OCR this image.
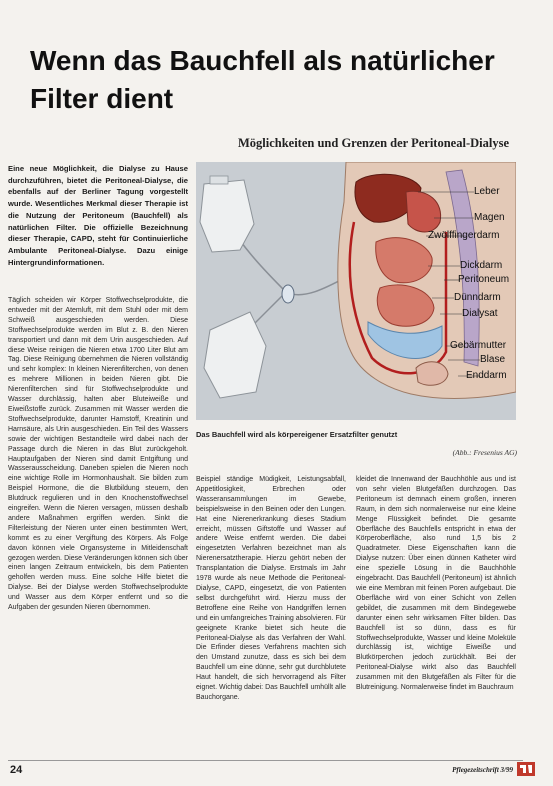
Wenn das Bauchfell als natürlicher
Filter dient
Möglichkeiten und Grenzen der Peritoneal-Dialyse
Eine neue Möglichkeit, die Dialyse zu Hause durchzuführen, bietet die Peritoneal-Dialyse, die ebenfalls auf der Berliner Tagung vorgestellt wurde. Wesentliches Merkmal dieser Therapie ist die Nutzung der Peritoneum (Bauchfell) als natürlichen Filter. Die offizielle Bezeichnung dieser Therapie, CAPD, steht für Continuierliche Ambulante Peritoneal-Dialyse. Dazu einige Hintergrundinformationen.

Täglich scheiden wir Körper Stoffwechselprodukte, die entweder mit der Atemluft, mit dem Stuhl oder mit dem Schweiß ausgeschieden werden. Diese Stoffwechselprodukte werden im Blut z. B. den Nieren transportiert und dann mit dem Urin ausgeschieden. Auf diese Weise reinigen die Nieren etwa 1700 Liter Blut am Tag. Diese Reinigung übernehmen die Nieren vollständig und sehr komplex: In kleinen Nierenfilterchen, von denen es mehrere Millionen in beiden Nieren gibt. Die Nierenfilterchen sind für Stoffwechselprodukte und Wasser durchlässig, halten aber Bluteiweiße und Eiweißstoffe zurück. Zusammen mit Wasser werden die Stoffwechselprodukte, darunter Harnstoff, Kreatinin und Harnsäure, als Urin ausgeschieden. Ein Teil des Wassers sowie der wichtigen Bestandteile wird dabei nach der Passage durch die Nieren in das Blut zurückgeholt. Hauptaufgaben der Nieren sind damit Entgiftung und Wasserausscheidung. Daneben spielen die Nieren noch eine wichtige Rolle im Hormonhaushalt. Sie bilden zum Beispiel Hormone, die die Blutbildung steuern, den Blutdruck regulieren und in den Knochenstoffwechsel eingreifen. Wenn die Nieren versagen, müssen deshalb andere Maßnahmen ergriffen werden. Sinkt die Filterleistung der Nieren unter einen bestimmten Wert, kommt es zu einer Vergiftung des Körpers. Als Folge davon können viele Organsysteme in Mitleidenschaft gezogen werden. Diese Veränderungen können sich über einen langen Zeitraum entwickeln, bis dem Patienten geholfen werden muss. Eine solche Hilfe bietet die Dialyse. Bei der Dialyse werden Stoffwechselprodukte und Wasser aus dem Körper entfernt und so die Aufgaben der gesunden Nieren übernommen.

Leber
Magen
Zwölffingerdarm
Dickdarm
Peritoneum
Dünndarm
Dialysat
Gebärmutter
Blase
Enddarm
Das Bauchfell wird als körpereigener Ersatzfilter genutzt
(Abb.: Fresenius AG)

Beispiel ständige Müdigkeit, Leistungsabfall, Appetitlosigkeit, Erbrechen oder Wasseransammlungen im Gewebe, beispielsweise in den Beinen oder den Lungen. Hat eine Nierenerkrankung dieses Stadium erreicht, müssen Giftstoffe und Wasser auf andere Weise entfernt werden. Die dabei eingesetzten Verfahren bezeichnet man als Nierenersatztherapie. Hierzu gehört neben der Transplantation die Dialyse. Erstmals im Jahr 1978 wurde als neue Methode die Peritoneal-Dialyse, CAPD, eingesetzt, die von Patienten selbst durchgeführt wird. Hierzu muss der Betroffene eine Reihe von Handgriffen lernen und ein umfangreiches Training absolvieren. Für geeignete Kranke bietet sich heute die Peritoneal-Dialyse als das Verfahren der Wahl. Die Erfinder dieses Verfahrens machten sich den Umstand zunutze, dass es sich bei dem Bauchfell um eine dünne, sehr gut durchblutete Haut handelt, die sich hervorragend als Filter eignet. Wichtig dabei: Das Bauchfell umhüllt alle Bauchorgane.

kleidet die Innenwand der Bauchhöhle aus und ist von sehr vielen Blutgefäßen durchzogen. Das Peritoneum ist demnach einem großen, inneren Raum, in dem sich normalerweise nur eine kleine Menge Flüssigkeit befindet. Die gesamte Oberfläche des Bauchfells entspricht in etwa der Körperoberfläche, also rund 1,5 bis 2 Quadratmeter. Diese Eigenschaften kann die Dialyse nutzen: Über einen dünnen Katheter wird eine spezielle Lösung in die Bauchhöhle eingebracht. Das Bauchfell (Peritoneum) ist ähnlich wie eine Membran mit feinen Poren aufgebaut. Die Oberfläche wird von einer Schicht von Zellen gebildet, die zusammen mit dem Bindegewebe darunter einen sehr wirksamen Filter bilden. Das Bauchfell ist so dünn, dass es für Stoffwechselprodukte, Wasser und kleine Moleküle durchlässig ist, wichtige Eiweiße und Blutkörperchen jedoch zurückhält. Bei der Peritoneal-Dialyse wirkt also das Bauchfell zusammen mit den Blutgefäßen als Filter für die Blutreinigung. Normalerweise findet im Bauchraum

24	Pflegezeitschrift 3/99
